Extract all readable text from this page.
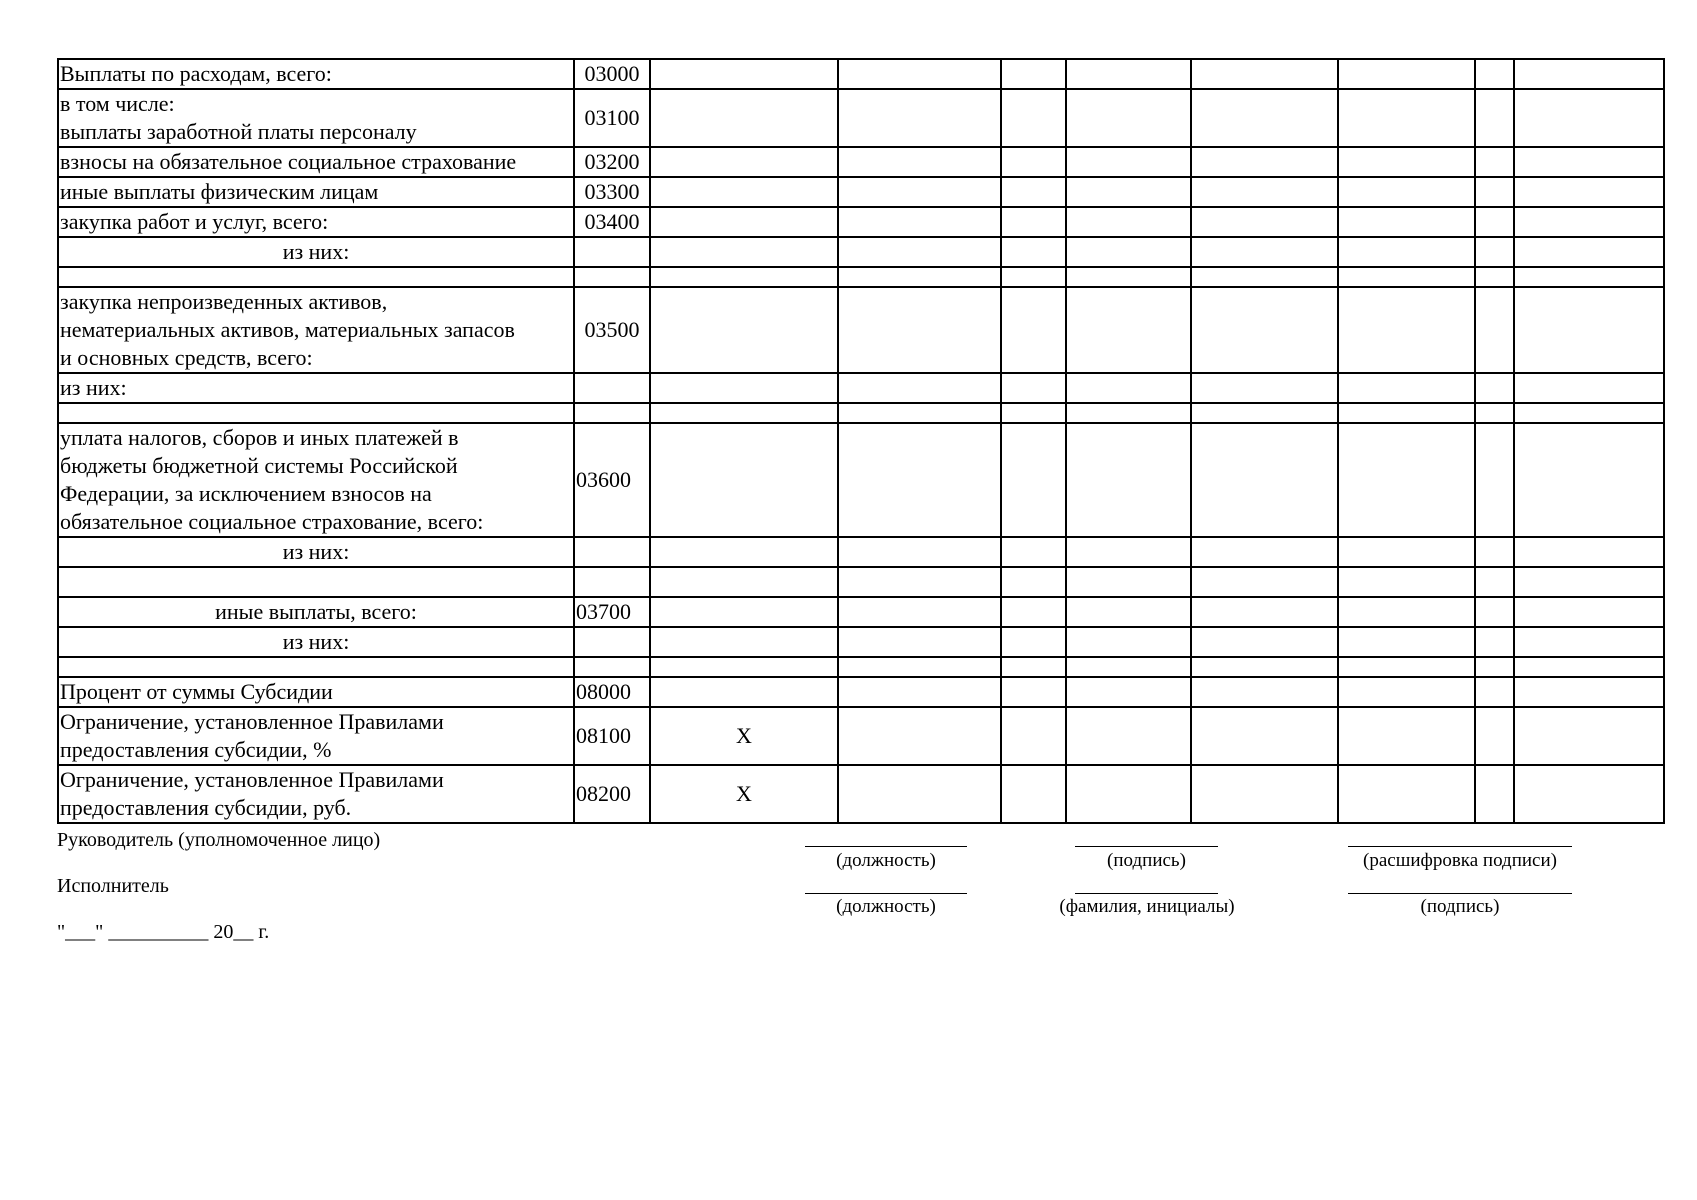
Выплаты по расходам, всего:	03000								

в том числе:
выплаты заработной платы персоналу	03100								
взносы на обязательное социальное страхование	03200								
иные выплаты физическим лицам	03300								
закупка работ и услуг, всего:	03400								
из них:									

закупка непроизведенных активов,
нематериальных активов, материальных запасов
и основных средств, всего:	03500								
из них:									

уплата налогов, сборов и иных платежей в
бюджеты бюджетной системы Российской
Федерации, за исключением взносов на
обязательное социальное страхование, всего:	03600								
из них:									

иные выплаты, всего:	03700								
из них:									

Процент от суммы Субсидии	08000								

Ограничение, установленное Правилами
предоставления субсидии, %	08100	X							

Ограничение, установленное Правилами
предоставления субсидии, руб.	08200	X							
Руководитель (уполномоченное лицо)
Исполнитель
"___" __________ 20__ г.
(должность)	(подпись)	(расшифровка подписи)
(должность)	(фамилия, инициалы)	(подпись)
